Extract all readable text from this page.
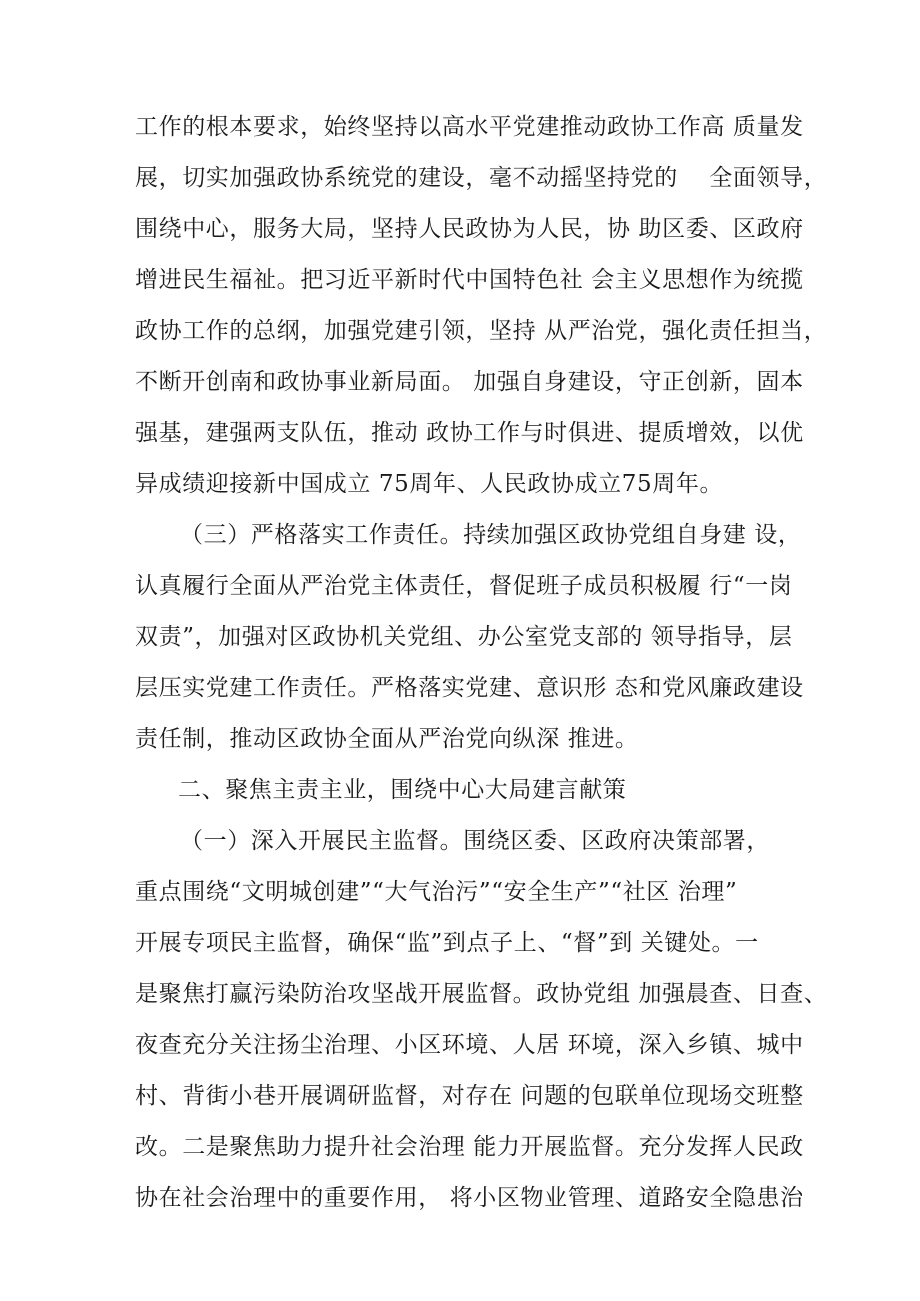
工作的根本要求，始终坚持以高水平党建推动政协工作高 质量发
展，切实加强政协系统党的建设，毫不动摇坚持党的　 全面领导，
围绕中心，服务大局，坚持人民政协为人民，协 助区委、区政府
增进民生福祉。把习近平新时代中国特色社 会主义思想作为统揽
政协工作的总纲，加强党建引领，坚持 从严治党，强化责任担当，
不断开创南和政协事业新局面。 加强自身建设，守正创新，固本
强基，建强两支队伍，推动 政协工作与时俱进、提质增效，以优
异成绩迎接新中国成立 75周年、人民政协成立75周年。
（三）严格落实工作责任。持续加强区政协党组自身建 设，
认真履行全面从严治党主体责任，督促班子成员积极履 行“一岗
双责”，加强对区政协机关党组、办公室党支部的 领导指导，层
层压实党建工作责任。严格落实党建、意识形 态和党风廉政建设
责任制，推动区政协全面从严治党向纵深 推进。
二、聚焦主责主业，围绕中心大局建言献策
（一）深入开展民主监督。围绕区委、区政府决策部署，
重点围绕“文明城创建”“大气治污”“安全生产”“社区 治理”
开展专项民主监督，确保“监”到点子上、“督”到 关键处。一
是聚焦打赢污染防治攻坚战开展监督。政协党组 加强晨查、日查、
夜查充分关注扬尘治理、小区环境、人居 环境，深入乡镇、城中
村、背街小巷开展调研监督，对存在 问题的包联单位现场交班整
改。二是聚焦助力提升社会治理 能力开展监督。充分发挥人民政
协在社会治理中的重要作用， 将小区物业管理、道路安全隐患治
